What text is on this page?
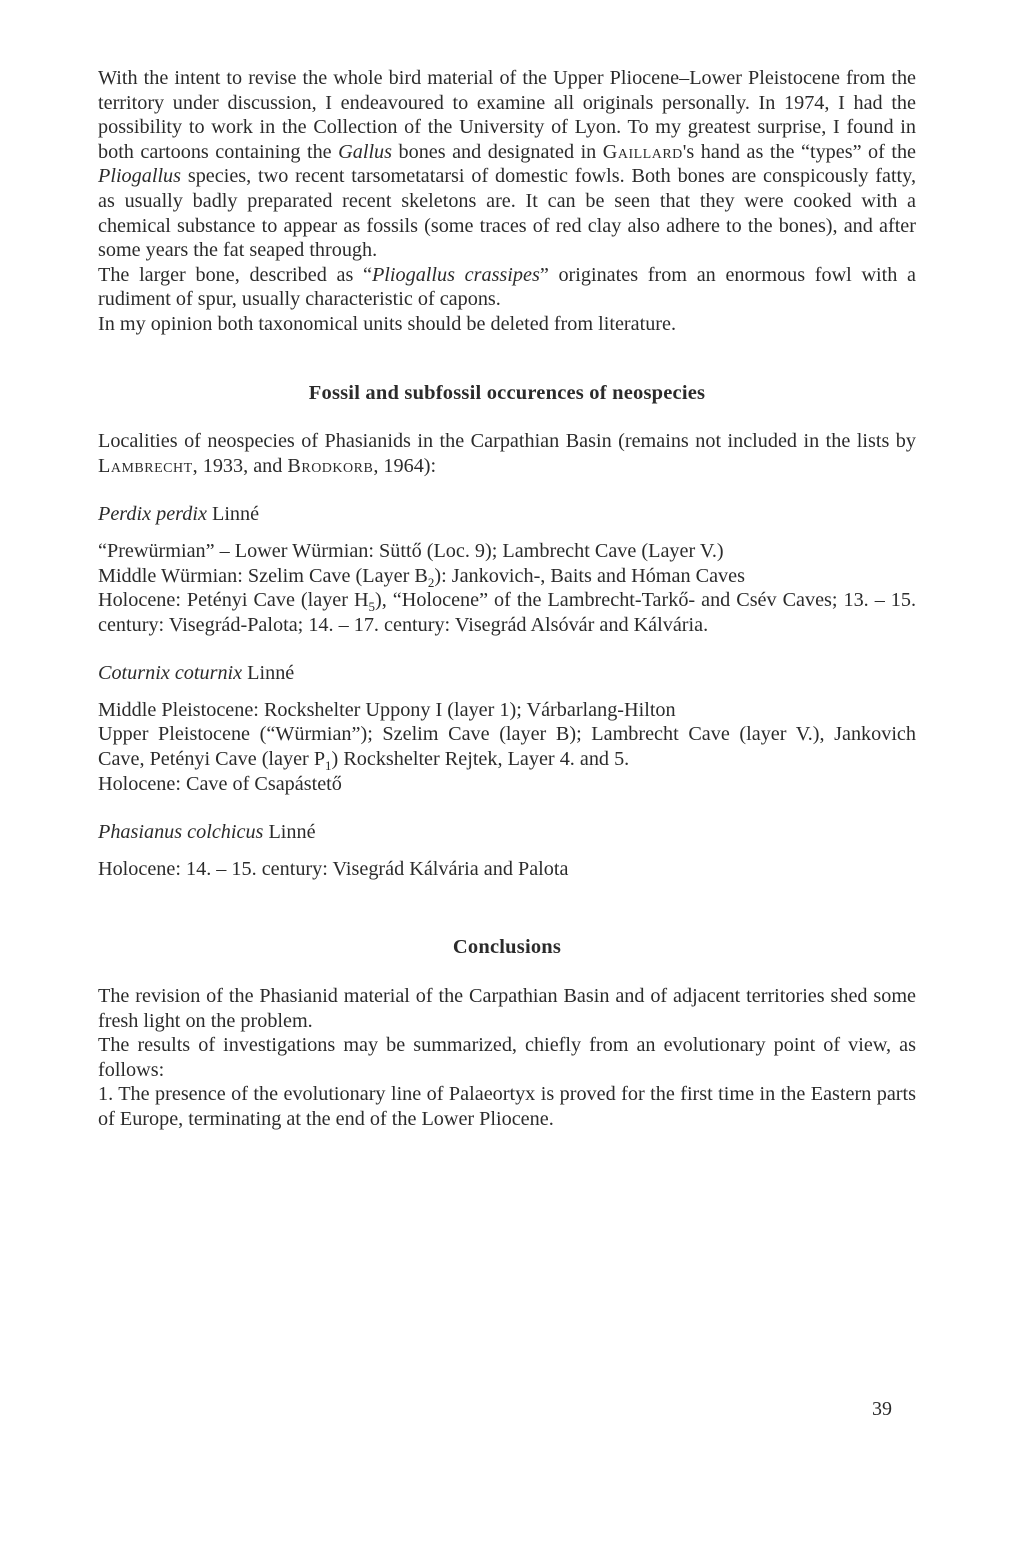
With the intent to revise the whole bird material of the Upper Pliocene–Lower Pleistocene from the territory under discussion, I endeavoured to examine all originals personally. In 1974, I had the possibility to work in the Collection of the University of Lyon. To my greatest surprise, I found in both cartoons containing the Gallus bones and designated in Gaillard's hand as the “types” of the Pliogallus species, two recent tarsometatarsi of domestic fowls. Both bones are conspicously fatty, as usually badly preparated recent skeletons are. It can be seen that they were cooked with a chemical substance to appear as fossils (some traces of red clay also adhere to the bones), and after some years the fat seaped through.

The larger bone, described as “Pliogallus crassipes” originates from an enormous fowl with a rudiment of spur, usually characteristic of capons.

In my opinion both taxonomical units should be deleted from literature.

Fossil and subfossil occurences of neospecies

Localities of neospecies of Phasianids in the Carpathian Basin (remains not included in the lists by Lambrecht, 1933, and Brodkorb, 1964):

Perdix perdix Linné

“Prewürmian” – Lower Würmian: Süttő (Loc. 9); Lambrecht Cave (Layer V.)

Middle Würmian: Szelim Cave (Layer $B_2$): Jankovich-, Baits and Hóman Caves

Holocene: Petényi Cave (layer $H_5$), “Holocene” of the Lambrecht-Tarkő- and Csév Caves; 13. – 15. century: Visegrád-Palota; 14. – 17. century: Visegrád Alsóvár and Kálvária.

Coturnix coturnix Linné

Middle Pleistocene: Rockshelter Uppony I (layer 1); Várbarlang-Hilton

Upper Pleistocene (“Würmian”); Szelim Cave (layer B); Lambrecht Cave (layer V.), Jankovich Cave, Petényi Cave (layer $P_1$) Rockshelter Rejtek, Layer 4. and 5.

Holocene: Cave of Csapástető

Phasianus colchicus Linné

Holocene: 14. – 15. century: Visegrád Kálvária and Palota

Conclusions

The revision of the Phasianid material of the Carpathian Basin and of adjacent territories shed some fresh light on the problem.

The results of investigations may be summarized, chiefly from an evolutionary point of view, as follows:

1. The presence of the evolutionary line of Palaeortyx is proved for the first time in the Eastern parts of Europe, terminating at the end of the Lower Pliocene.

39
